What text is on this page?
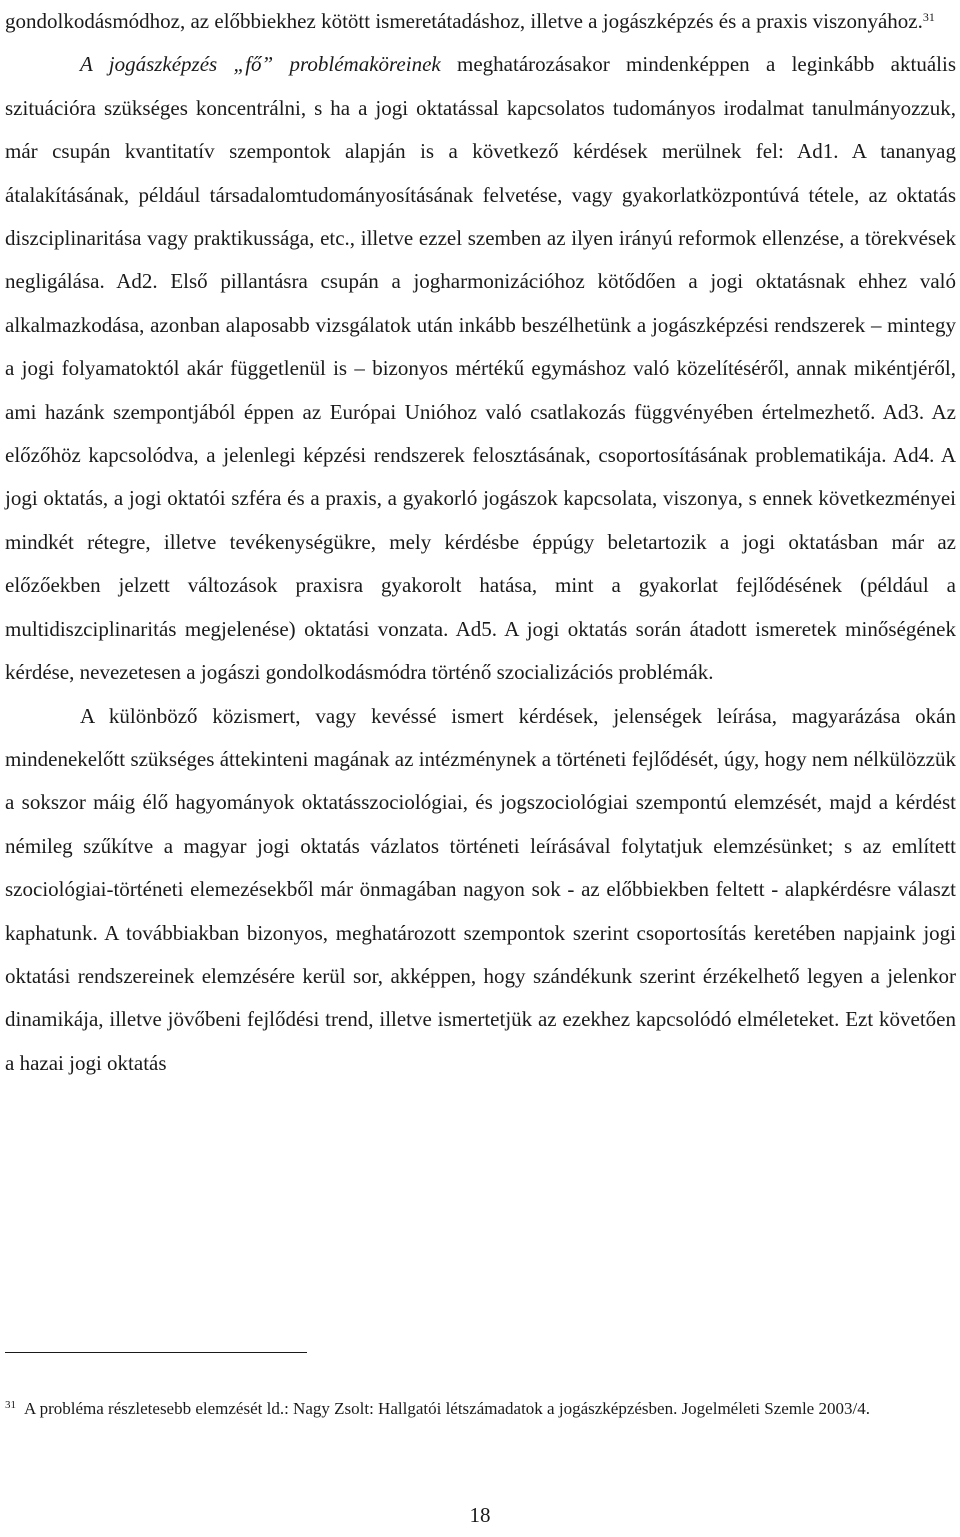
gondolkodásmódhoz, az előbbiekhez kötött ismeretátadáshoz, illetve a jogászképzés és a praxis viszonyához.$^{31}$

A jogászképzés „fő” problémaköreinek meghatározásakor mindenképpen a leginkább aktuális szituációra szükséges koncentrálni, s ha a jogi oktatással kapcsolatos tudományos irodalmat tanulmányozzuk, már csupán kvantitatív szempontok alapján is a következő kérdések merülnek fel: Ad1. A tananyag átalakításának, például társadalomtudományosításának felvetése, vagy gyakorlatközpontúvá tétele, az oktatás diszciplinaritása vagy praktikussága, etc., illetve ezzel szemben az ilyen irányú reformok ellenzése, a törekvések negligálása. Ad2. Első pillantásra csupán a jogharmonizációhoz kötődően a jogi oktatásnak ehhez való alkalmazkodása, azonban alaposabb vizsgálatok után inkább beszélhetünk a jogászképzési rendszerek – mintegy a jogi folyamatoktól akár függetlenül is – bizonyos mértékű egymáshoz való közelítéséről, annak mikéntjéről, ami hazánk szempontjából éppen az Európai Unióhoz való csatlakozás függvényében értelmezhető. Ad3. Az előzőhöz kapcsolódva, a jelenlegi képzési rendszerek felosztásának, csoportosításának problematikája. Ad4. A jogi oktatás, a jogi oktatói szféra és a praxis, a gyakorló jogászok kapcsolata, viszonya, s ennek következményei mindkét rétegre, illetve tevékenységükre, mely kérdésbe éppúgy beletartozik a jogi oktatásban már az előzőekben jelzett változások praxisra gyakorolt hatása, mint a gyakorlat fejlődésének (például a multidiszciplinaritás megjelenése) oktatási vonzata. Ad5. A jogi oktatás során átadott ismeretek minőségének kérdése, nevezetesen a jogászi gondolkodásmódra történő szocializációs problémák.

A különböző közismert, vagy kevéssé ismert kérdések, jelenségek leírása, magyarázása okán mindenekelőtt szükséges áttekinteni magának az intézménynek a történeti fejlődését, úgy, hogy nem nélkülözzük a sokszor máig élő hagyományok oktatásszociológiai, és jogszociológiai szempontú elemzését, majd a kérdést némileg szűkítve a magyar jogi oktatás vázlatos történeti leírásával folytatjuk elemzésünket; s az említett szociológiai-történeti elemezésekből már önmagában nagyon sok - az előbbiekben feltett - alapkérdésre választ kaphatunk. A továbbiakban bizonyos, meghatározott szempontok szerint csoportosítás keretében napjaink jogi oktatási rendszereinek elemzésére kerül sor, akképpen, hogy szándékunk szerint érzékelhető legyen a jelenkor dinamikája, illetve jövőbeni fejlődési trend, illetve ismertetjük az ezekhez kapcsolódó elméleteket. Ezt követően a hazai jogi oktatás

$^{31}$ A probléma részletesebb elemzését ld.: Nagy Zsolt: Hallgatói létszámadatok a jogászképzésben. Jogelméleti Szemle 2003/4.
18
